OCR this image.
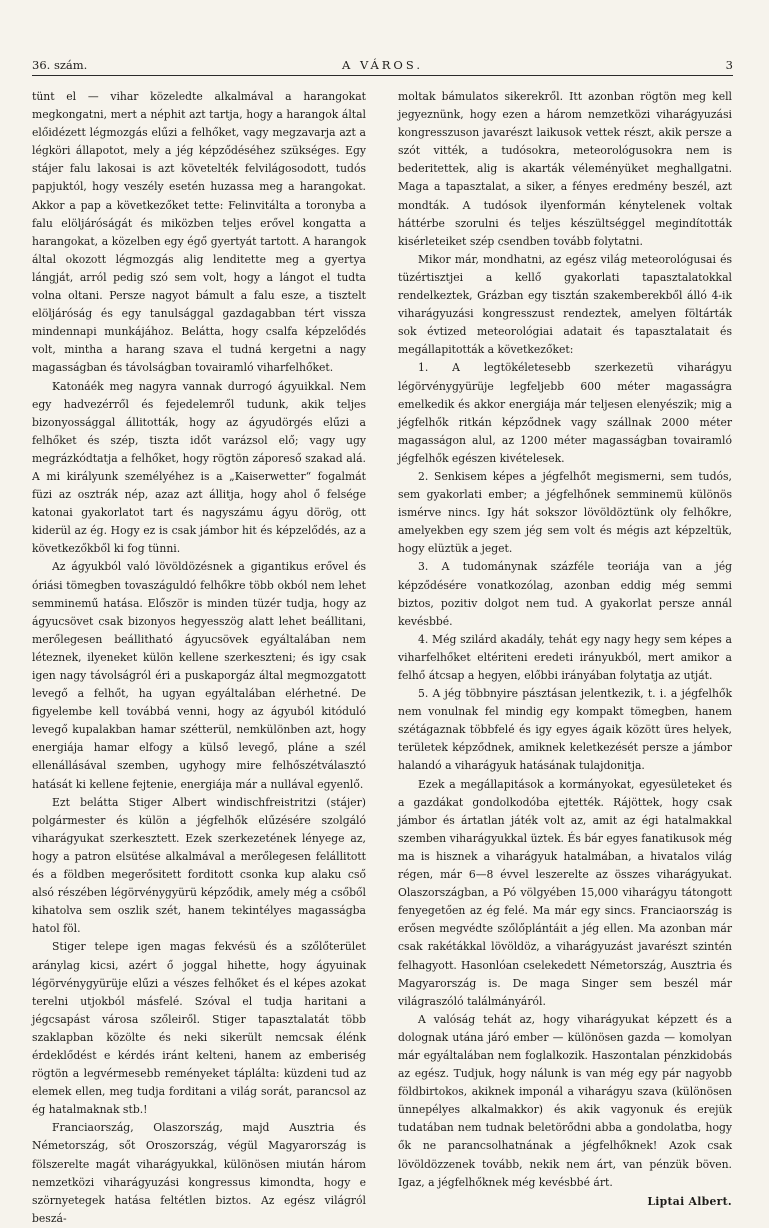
36. szám.	A VÁROS.	3

tünt el — vihar közeledte alkalmával a harangokat megkongatni, mert a néphit azt tartja, hogy a harangok által előidézett légmozgás elűzi a felhőket, vagy megzavarja azt a légköri állapotot, mely a jég képződéséhez szükséges. Egy stájer falu lakosai is azt követelték felvilágosodott, tudós papjuktól, hogy veszély esetén huzassa meg a harangokat. Akkor a pap a következőket tette: Felinvitálta a toronyba a falu elöljáróságát és miközben teljes erővel kongatta a harangokat, a közelben egy égő gyertyát tartott. A harangok által okozott légmozgás alig lenditette meg a gyertya lángját, arról pedig szó sem volt, hogy a lángot el tudta volna oltani. Persze nagyot bámult a falu esze, a tisztelt elöljáróság és egy tanulsággal gazdagabban tért vissza mindennapi munkájához. Belátta, hogy csalfa képzelődés volt, mintha a harang szava el tudná kergetni a nagy magasságban és távolságban tovairamló viharfelhőket.

Katonáék meg nagyra vannak durrogó ágyuikkal. Nem egy hadvezérről és fejedelemről tudunk, akik teljes bizonyossággal állitották, hogy az ágyudörgés elűzi a felhőket és szép, tiszta időt varázsol elő; vagy ugy megrázkódtatja a felhőket, hogy rögtön záporeső szakad alá. A mi királyunk személyéhez is a „Kaiserwetter“ fogalmát füzi az osztrák nép, azaz azt állitja, hogy ahol ő felsége katonai gyakorlatot tart és nagyszámu ágyu dörög, ott kiderül az ég. Hogy ez is csak jámbor hit és képzelődés, az a következőkből ki fog tünni.

Az ágyukból való lövöldözésnek a gigantikus erővel és óriási tömegben tovaszáguldó felhőkre több okból nem lehet semminemű hatása. Először is minden tüzér tudja, hogy az ágyucsövet csak bizonyos hegyesszög alatt lehet beállitani, merőlegesen beállitható ágyucsövek egyáltalában nem léteznek, ilyeneket külön kellene szerkeszteni; és igy csak igen nagy távolságról éri a puskaporgáz által megmozgatott levegő a felhőt, ha ugyan egyáltalában elérhetné. De figyelembe kell továbbá venni, hogy az ágyuból kitóduló levegő kupalakban hamar szétterül, nemkülönben azt, hogy energiája hamar elfogy a külső levegő, pláne a szél ellenállásával szemben, ugyhogy mire felhőszétválasztó hatását ki kellene fejtenie, energiája már a nullával egyenlő.

Ezt belátta Stiger Albert windischfreistritzi (stájer) polgármester és külön a jégfelhők elűzésére szolgáló viharágyukat szerkesztett. Ezek szerkezetének lényege az, hogy a patron elsütése alkalmával a merőlegesen felállitott és a földben megerősitett forditott csonka kup alaku cső alsó részében légörvénygyürü képződik, amely még a csőből kihatolva sem oszlik szét, hanem tekintélyes magasságba hatol föl.

Stiger telepe igen magas fekvésü és a szőlőterület aránylag kicsi, azért ő joggal hihette, hogy ágyuinak légörvénygyürüje elűzi a vészes felhőket és el képes azokat terelni utjokból másfelé. Szóval el tudja haritani a jégcsapást városa szőleiről. Stiger tapasztalatát több szaklapban közölte és neki sikerült nemcsak élénk érdeklődést e kérdés iránt kelteni, hanem az emberiség rögtön a legvérmesebb reményeket táplálta: küzdeni tud az elemek ellen, meg tudja forditani a világ sorát, parancsol az ég hatalmaknak stb.!

Franciaország, Olaszország, majd Ausztria és Németország, sőt Oroszország, végül Magyarország is fölszerelte magát viharágyukkal, különösen miután három nemzetközi viharágyuzási kongressus kimondta, hogy e szörnyetegek hatása feltétlen biztos. Az egész világról beszá-

moltak bámulatos sikerekről. Itt azonban rögtön meg kell jegyeznünk, hogy ezen a három nemzetközi viharágyuzási kongresszuson javarészt laikusok vettek részt, akik persze a szót vitték, a tudósokra, meteorológusokra nem is bederitettek, alig is akarták véleményüket meghallgatni. Maga a tapasztalat, a siker, a fényes eredmény beszél, azt mondták. A tudósok ilyenformán kénytelenek voltak háttérbe szorulni és teljes készültséggel megindították kisérleteiket szép csendben tovább folytatni.

Mikor már, mondhatni, az egész világ meteorológusai és tüzértisztjei a kellő gyakorlati tapasztalatokkal rendelkeztek, Grázban egy tisztán szakemberekből álló 4-ik viharágyuzási kongresszust rendeztek, amelyen föltárták sok évtized meteorológiai adatait és tapasztalatait és megállapitották a következőket:

1. A legtökéletesebb szerkezetü viharágyu légörvénygyürüje legfeljebb 600 méter magasságra emelkedik és akkor energiája már teljesen elenyészik; mig a jégfelhők ritkán képződnek vagy szállnak 2000 méter magasságon alul, az 1200 méter magasságban tovairamló jégfelhők egészen kivételesek.

2. Senkisem képes a jégfelhőt megismerni, sem tudós, sem gyakorlati ember; a jégfelhőnek semminemü különös ismérve nincs. Igy hát sokszor lövöldöztünk oly felhőkre, amelyekben egy szem jég sem volt és mégis azt képzeltük, hogy elüztük a jeget.

3. A tudománynak százféle teoriája van a jég képződésére vonatkozólag, azonban eddig még semmi biztos, pozitiv dolgot nem tud. A gyakorlat persze annál kevésbbé.

4. Még szilárd akadály, tehát egy nagy hegy sem képes a viharfelhőket eltériteni eredeti irányukból, mert amikor a felhő átcsap a hegyen, előbbi irányában folytatja az utját.

5. A jég többnyire pásztásan jelentkezik, t. i. a jégfelhők nem vonulnak fel mindig egy kompakt tömegben, hanem szétágaznak többfelé és igy egyes ágaik között üres helyek, területek képződnek, amiknek keletkezését persze a jámbor halandó a viharágyuk hatásának tulajdonitja.

Ezek a megállapitások a kormányokat, egyesületeket és a gazdákat gondolkodóba ejtették. Rájöttek, hogy csak jámbor és ártatlan játék volt az, amit az égi hatalmakkal szemben viharágyukkal üztek. És bár egyes fanatikusok még ma is hisznek a viharágyuk hatalmában, a hivatalos világ régen, már 6—8 évvel leszerelte az összes viharágyukat. Olaszországban, a Pó völgyében 15,000 viharágyu tátongott fenyegetően az ég felé. Ma már egy sincs. Franciaország is erősen megvédte szőlőplántáit a jég ellen. Ma azonban már csak rakétákkal lövöldöz, a viharágyuzást javarészt szintén felhagyott. Hasonlóan cselekedett Németország, Ausztria és Magyarország is. De maga Singer sem beszél már világraszóló találmányáról.

A valóság tehát az, hogy viharágyukat képzett és a dolognak utána járó ember — különösen gazda — komolyan már egyáltalában nem foglalkozik. Haszontalan pénzkidobás az egész. Tudjuk, hogy nálunk is van még egy pár nagyobb földbirtokos, akiknek imponál a viharágyu szava (különösen ünnepélyes alkalmakkor) és akik vagyonuk és erejük tudatában nem tudnak beletörődni abba a gondolatba, hogy ők ne parancsolhatnának a jégfelhőknek! Azok csak lövöldözzenek tovább, nekik nem árt, van pénzük böven. Igaz, a jégfelhőknek még kevésbbé árt.

Liptai Albert.
